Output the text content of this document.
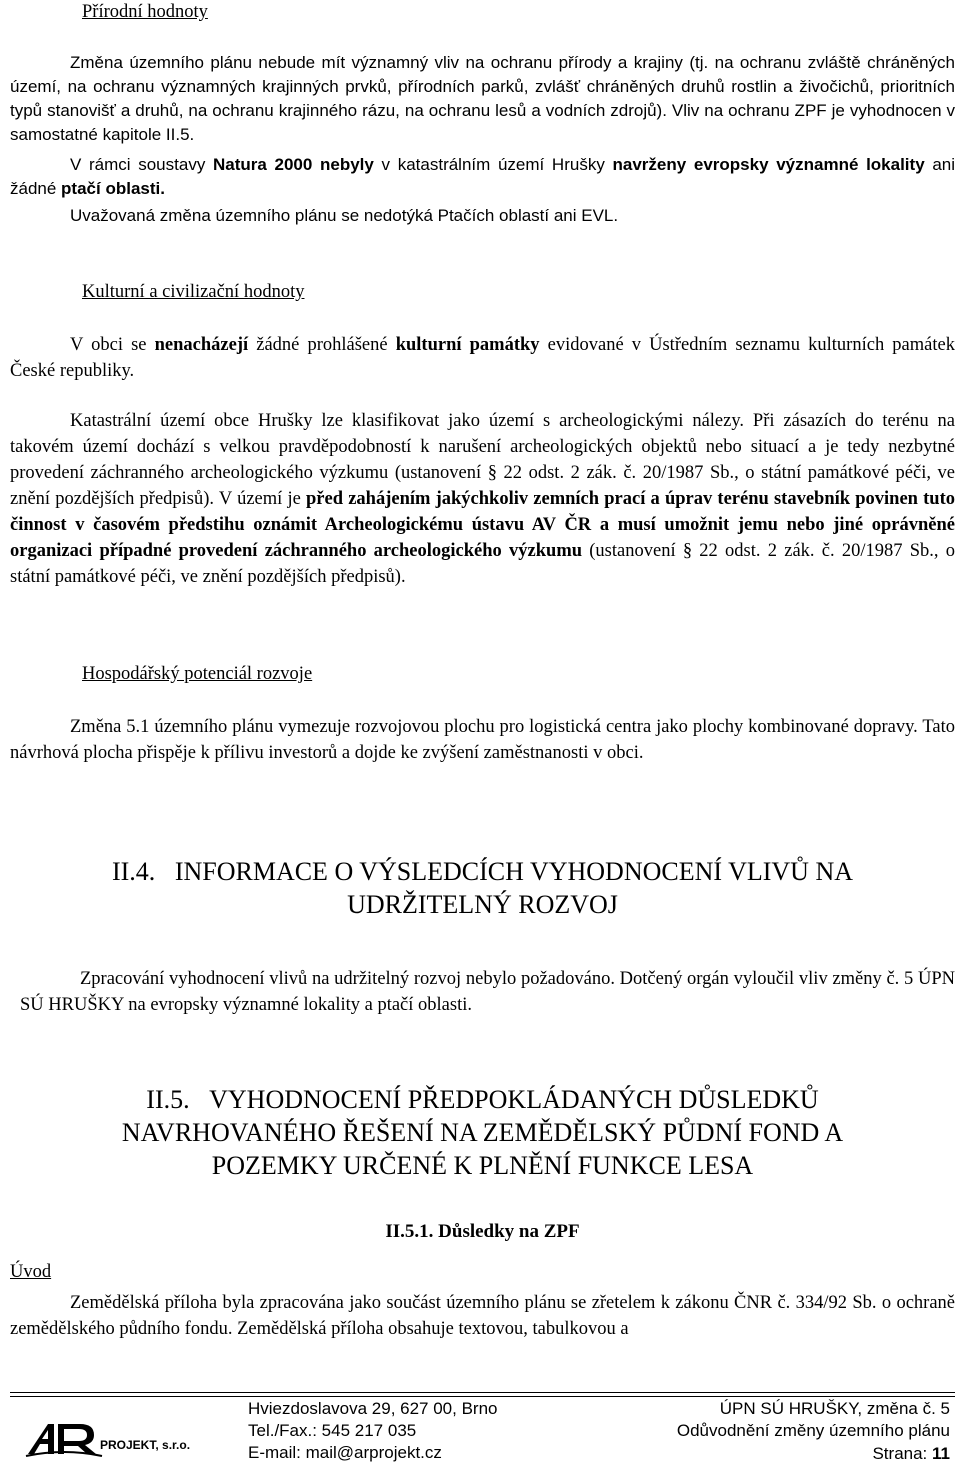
Přírodní hodnoty

Změna územního plánu nebude mít významný vliv na ochranu přírody a krajiny (tj. na ochranu zvláště chráněných území, na ochranu významných krajinných prvků, přírodních parků, zvlášť chráněných druhů rostlin a živočichů, prioritních typů stanovišť a druhů, na ochranu krajinného rázu, na ochranu lesů a vodních zdrojů). Vliv na ochranu ZPF je vyhodnocen v samostatné kapitole II.5.

V rámci soustavy Natura 2000 nebyly v katastrálním území Hrušky navrženy evropsky významné lokality ani žádné ptačí oblasti.

Uvažovaná změna územního plánu se nedotýká Ptačích oblastí ani EVL.

Kulturní a civilizační hodnoty

V obci se nenacházejí žádné prohlášené kulturní památky evidované v Ústředním seznamu kulturních památek České republiky.

Katastrální území obce Hrušky lze klasifikovat jako území s archeologickými nálezy. Při zásazích do terénu na takovém území dochází s velkou pravděpodobností k narušení archeologických objektů nebo situací a je tedy nezbytné provedení záchranného archeologického výzkumu (ustanovení § 22 odst. 2 zák. č. 20/1987 Sb., o státní památkové péči, ve znění pozdějších předpisů). V území je před zahájením jakýchkoliv zemních prací a úprav terénu stavebník povinen tuto činnost v časovém předstihu oznámit Archeologickému ústavu AV ČR a musí umožnit jemu nebo jiné oprávněné organizaci případné provedení záchranného archeologického výzkumu (ustanovení § 22 odst. 2 zák. č. 20/1987 Sb., o státní památkové péči, ve znění pozdějších předpisů).

Hospodářský potenciál rozvoje

Změna 5.1 územního plánu vymezuje rozvojovou plochu pro logistická centra jako plochy kombinované dopravy. Tato návrhová plocha přispěje k přílivu investorů a dojde ke zvýšení zaměstnanosti v obci.

II.4. INFORMACE O VÝSLEDCÍCH VYHODNOCENÍ VLIVŮ NA
UDRŽITELNÝ ROZVOJ

Zpracování vyhodnocení vlivů na udržitelný rozvoj nebylo požadováno. Dotčený orgán vyloučil vliv změny č. 5 ÚPN SÚ HRUŠKY na evropsky významné lokality a ptačí oblasti.

II.5. VYHODNOCENÍ PŘEDPOKLÁDANÝCH DŮSLEDKŮ
NAVRHOVANÉHO ŘEŠENÍ NA ZEMĚDĚLSKÝ PŮDNÍ FOND A
POZEMKY URČENÉ K PLNĚNÍ FUNKCE LESA

II.5.1. Důsledky na ZPF

Úvod

Zemědělská příloha byla zpracována jako součást územního plánu se zřetelem k zákonu ČNR č. 334/92 Sb. o ochraně zemědělského půdního fondu. Zemědělská příloha obsahuje textovou, tabulkovou a

PROJEKT, s.r.o.
Hviezdoslavova 29, 627 00, Brno
Tel./Fax.: 545 217 035
E-mail: mail@arprojekt.cz
ÚPN SÚ HRUŠKY, změna č. 5
Odůvodnění změny územního plánu
Strana: 11
